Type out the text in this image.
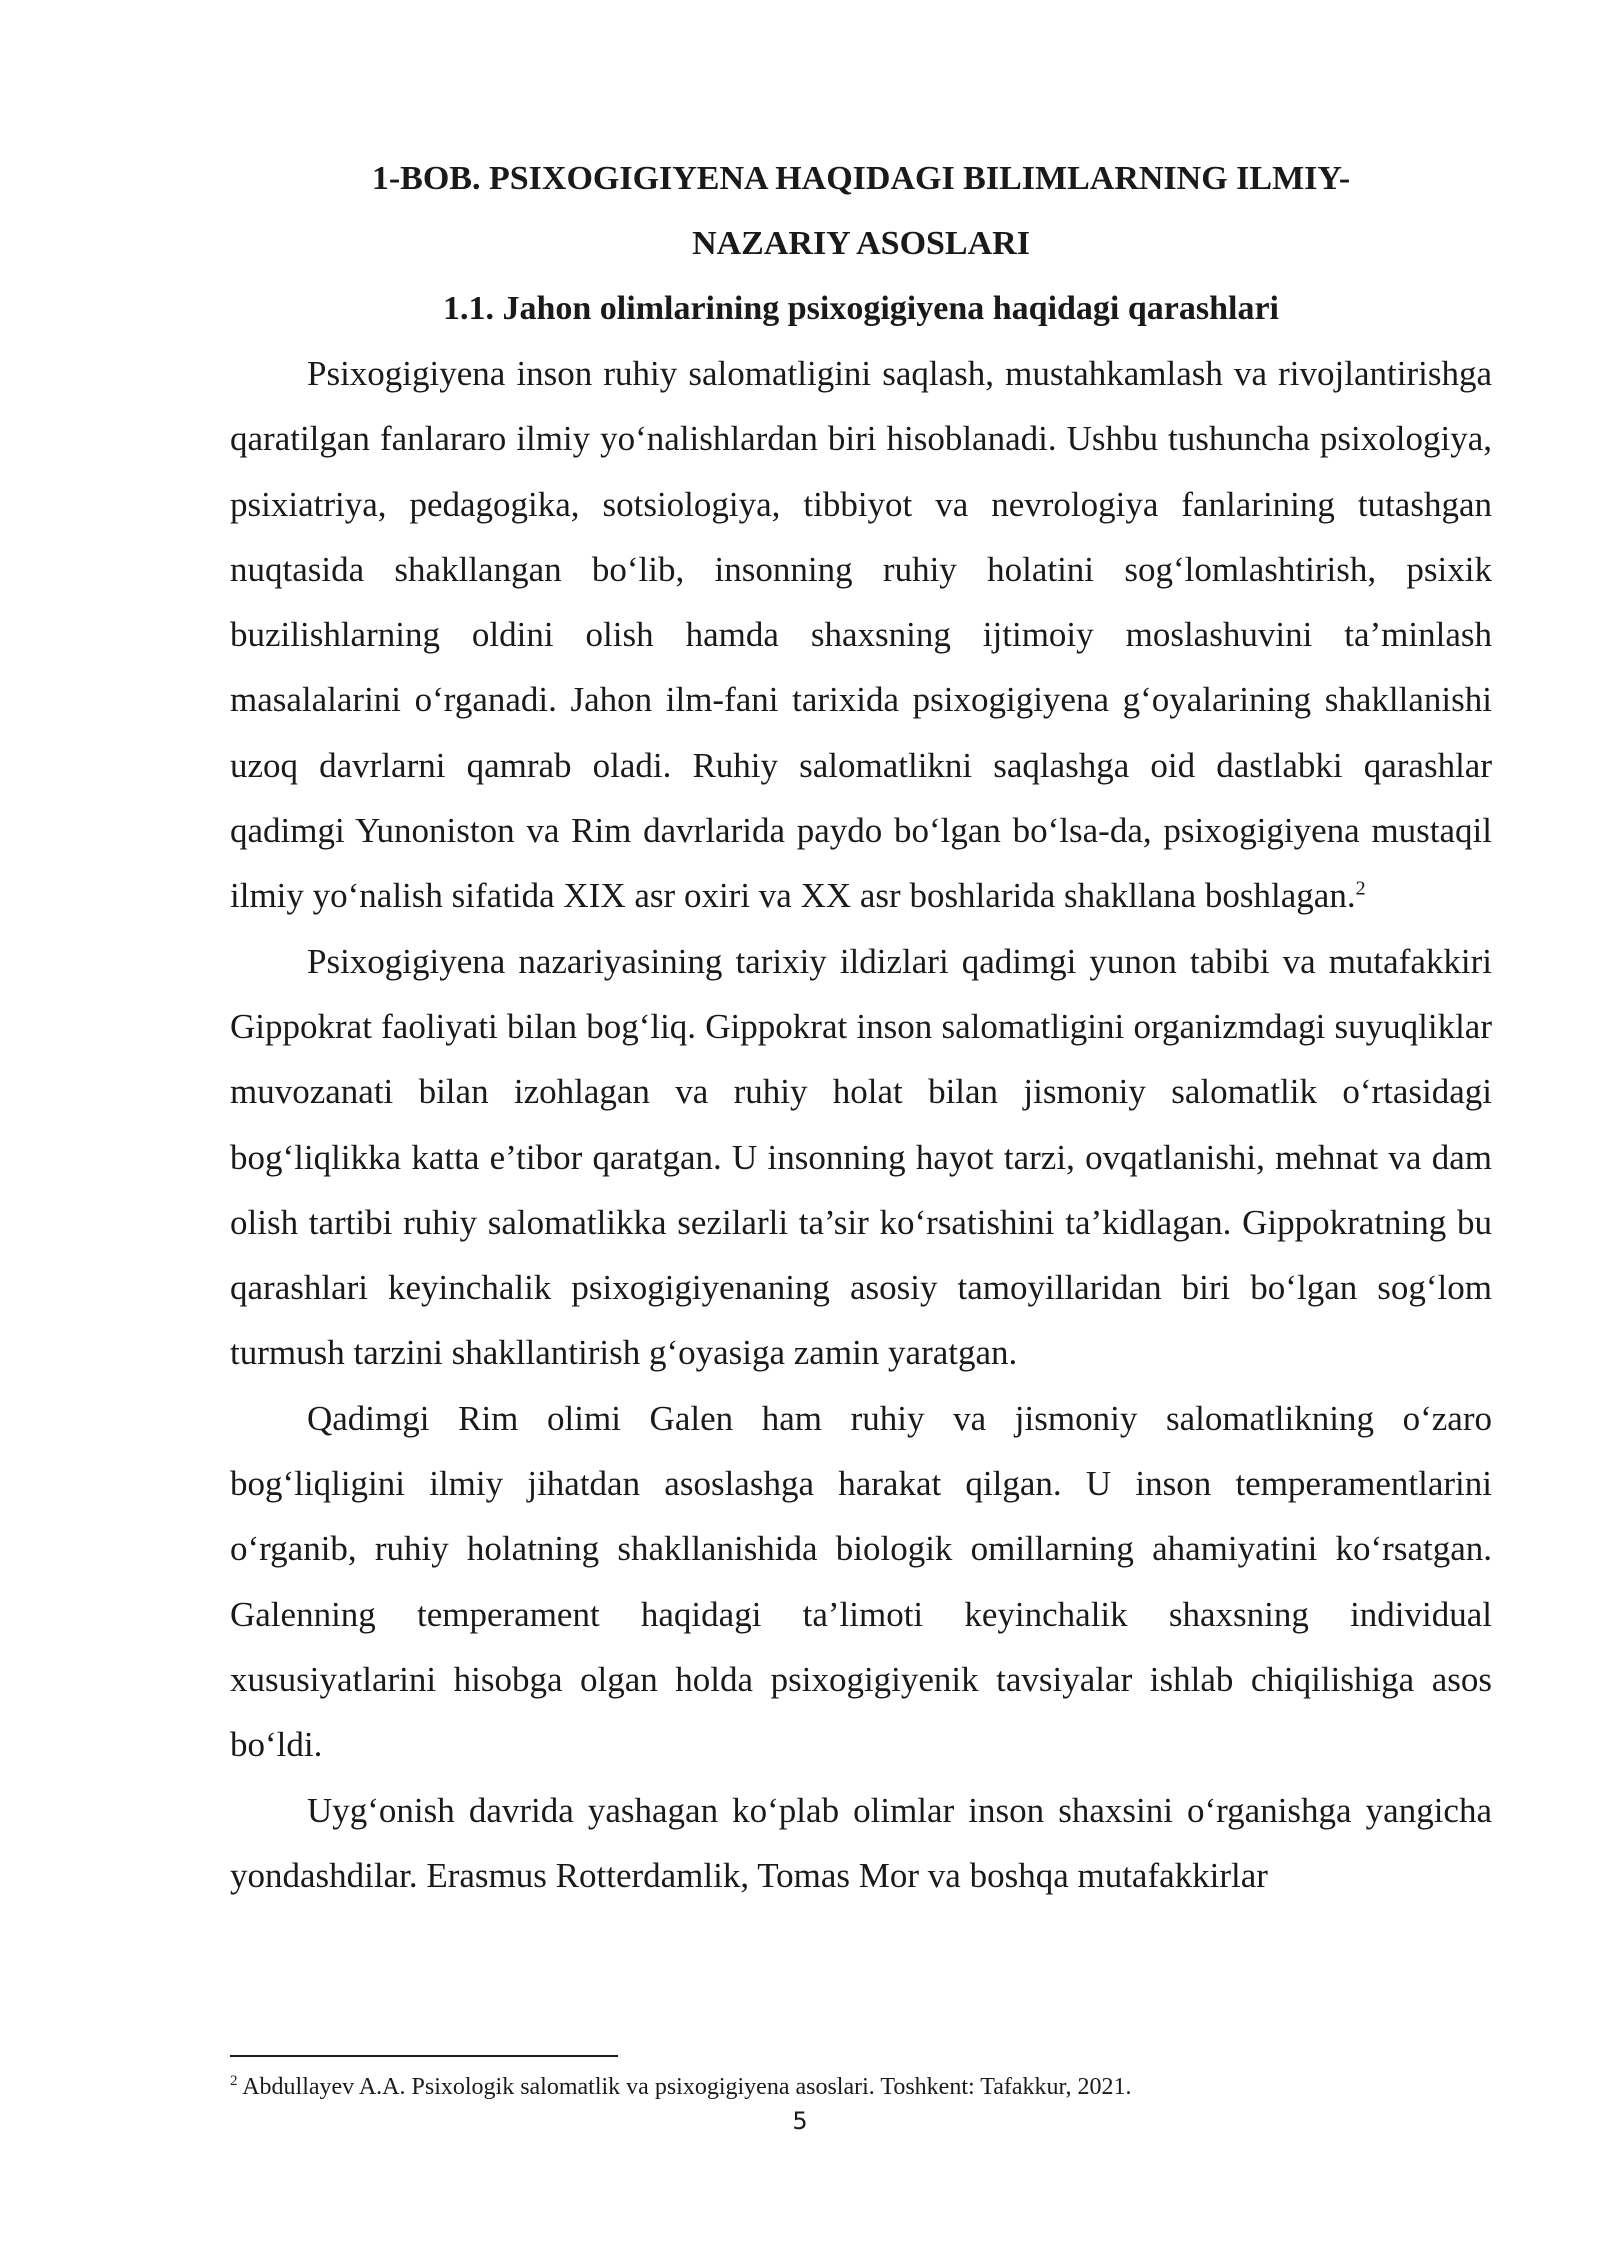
1-BOB. PSIXOGIGIYENA HAQIDAGI BILIMLARNING ILMIY-

NAZARIY ASOSLARI

1.1. Jahon olimlarining psixogigiyena haqidagi qarashlari

Psixogigiyena inson ruhiy salomatligini saqlash, mustahkamlash va rivojlantirishga qaratilgan fanlararo ilmiy yo‘nalishlardan biri hisoblanadi. Ushbu tushuncha psixologiya, psixiatriya, pedagogika, sotsiologiya, tibbiyot va nevrologiya fanlarining tutashgan nuqtasida shakllangan bo‘lib, insonning ruhiy holatini sog‘lomlashtirish, psixik buzilishlarning oldini olish hamda shaxsning ijtimoiy moslashuvini ta’minlash masalalarini o‘rganadi. Jahon ilm-fani tarixida psixogigiyena g‘oyalarining shakllanishi uzoq davrlarni qamrab oladi. Ruhiy salomatlikni saqlashga oid dastlabki qarashlar qadimgi Yunoniston va Rim davrlarida paydo bo‘lgan bo‘lsa-da, psixogigiyena mustaqil ilmiy yo‘nalish sifatida XIX asr oxiri va XX asr boshlarida shakllana boshlagan.$^2$

Psixogigiyena nazariyasining tarixiy ildizlari qadimgi yunon tabibi va mutafakkiri Gippokrat faoliyati bilan bog‘liq. Gippokrat inson salomatligini organizmdagi suyuqliklar muvozanati bilan izohlagan va ruhiy holat bilan jismoniy salomatlik o‘rtasidagi bog‘liqlikka katta e’tibor qaratgan. U insonning hayot tarzi, ovqatlanishi, mehnat va dam olish tartibi ruhiy salomatlikka sezilarli ta’sir ko‘rsatishini ta’kidlagan. Gippokratning bu qarashlari keyinchalik psixogigiyenaning asosiy tamoyillaridan biri bo‘lgan sog‘lom turmush tarzini shakllantirish g‘oyasiga zamin yaratgan.

Qadimgi Rim olimi Galen ham ruhiy va jismoniy salomatlikning o‘zaro bog‘liqligini ilmiy jihatdan asoslashga harakat qilgan. U inson temperamentlarini o‘rganib, ruhiy holatning shakllanishida biologik omillarning ahamiyatini ko‘rsatgan. Galenning temperament haqidagi ta’limoti keyinchalik shaxsning individual xususiyatlarini hisobga olgan holda psixogigiyenik tavsiyalar ishlab chiqilishiga asos bo‘ldi.

Uyg‘onish davrida yashagan ko‘plab olimlar inson shaxsini o‘rganishga yangicha yondashdilar. Erasmus Rotterdamlik, Tomas Mor va boshqa mutafakkirlar

$^2$ Abdullayev A.A. Psixologik salomatlik va psixogigiyena asoslari. Toshkent: Tafakkur, 2021.

5
